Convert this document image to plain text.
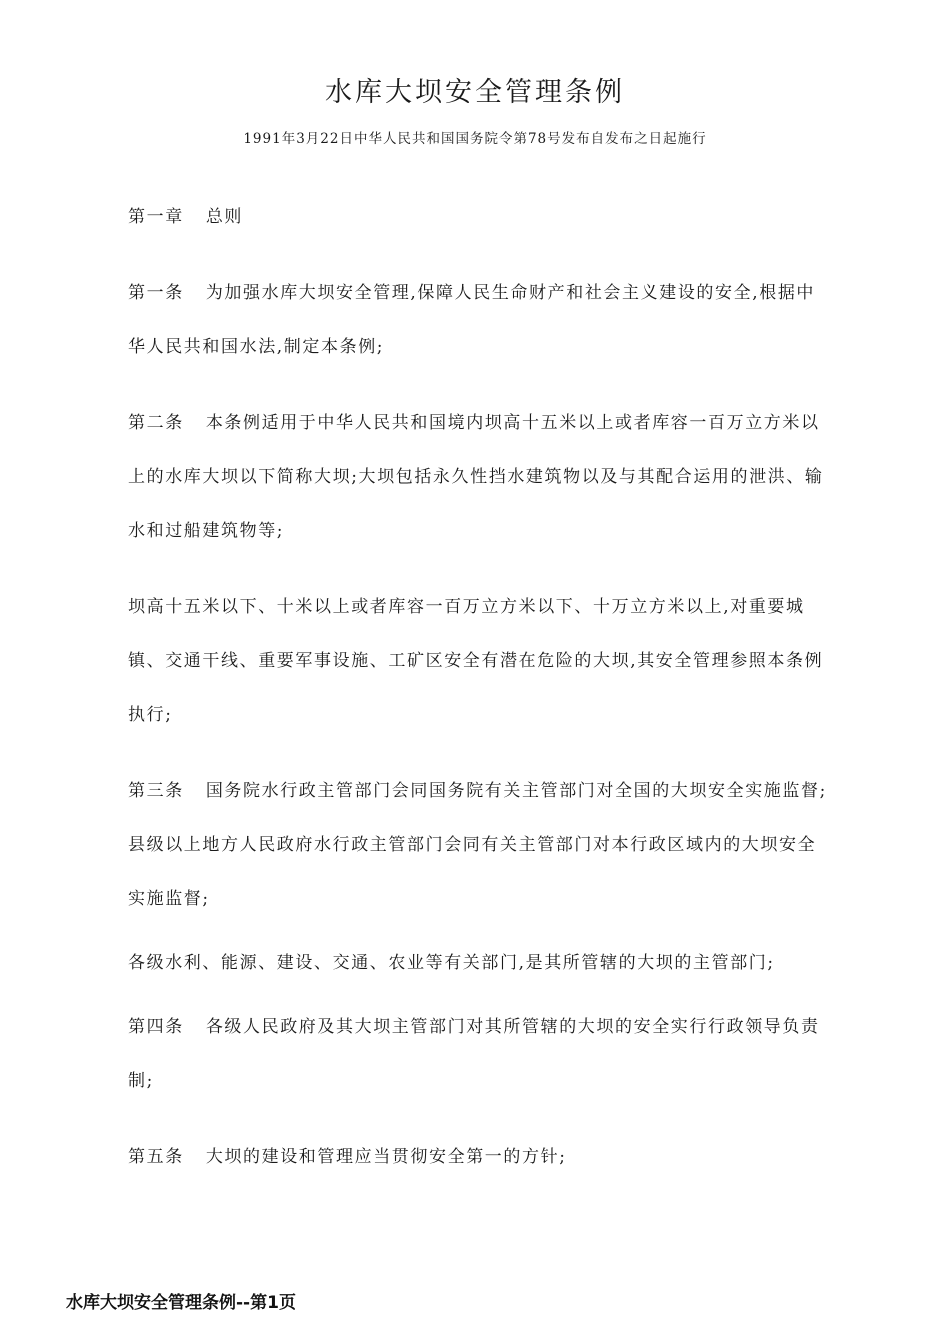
水库大坝安全管理条例

1991年3月22日中华人民共和国国务院令第78号发布自发布之日起施行

第一章 总则

第一条 为加强水库大坝安全管理,保障人民生命财产和社会主义建设的安全,根据中华人民共和国水法,制定本条例;

第二条 本条例适用于中华人民共和国境内坝高十五米以上或者库容一百万立方米以上的水库大坝以下简称大坝;大坝包括永久性挡水建筑物以及与其配合运用的泄洪、输水和过船建筑物等;

坝高十五米以下、十米以上或者库容一百万立方米以下、十万立方米以上,对重要城镇、交通干线、重要军事设施、工矿区安全有潜在危险的大坝,其安全管理参照本条例执行;

第三条 国务院水行政主管部门会同国务院有关主管部门对全国的大坝安全实施监督;县级以上地方人民政府水行政主管部门会同有关主管部门对本行政区域内的大坝安全实施监督;

各级水利、能源、建设、交通、农业等有关部门,是其所管辖的大坝的主管部门;

第四条 各级人民政府及其大坝主管部门对其所管辖的大坝的安全实行行政领导负责制;

第五条 大坝的建设和管理应当贯彻安全第一的方针;

水库大坝安全管理条例--第1页
